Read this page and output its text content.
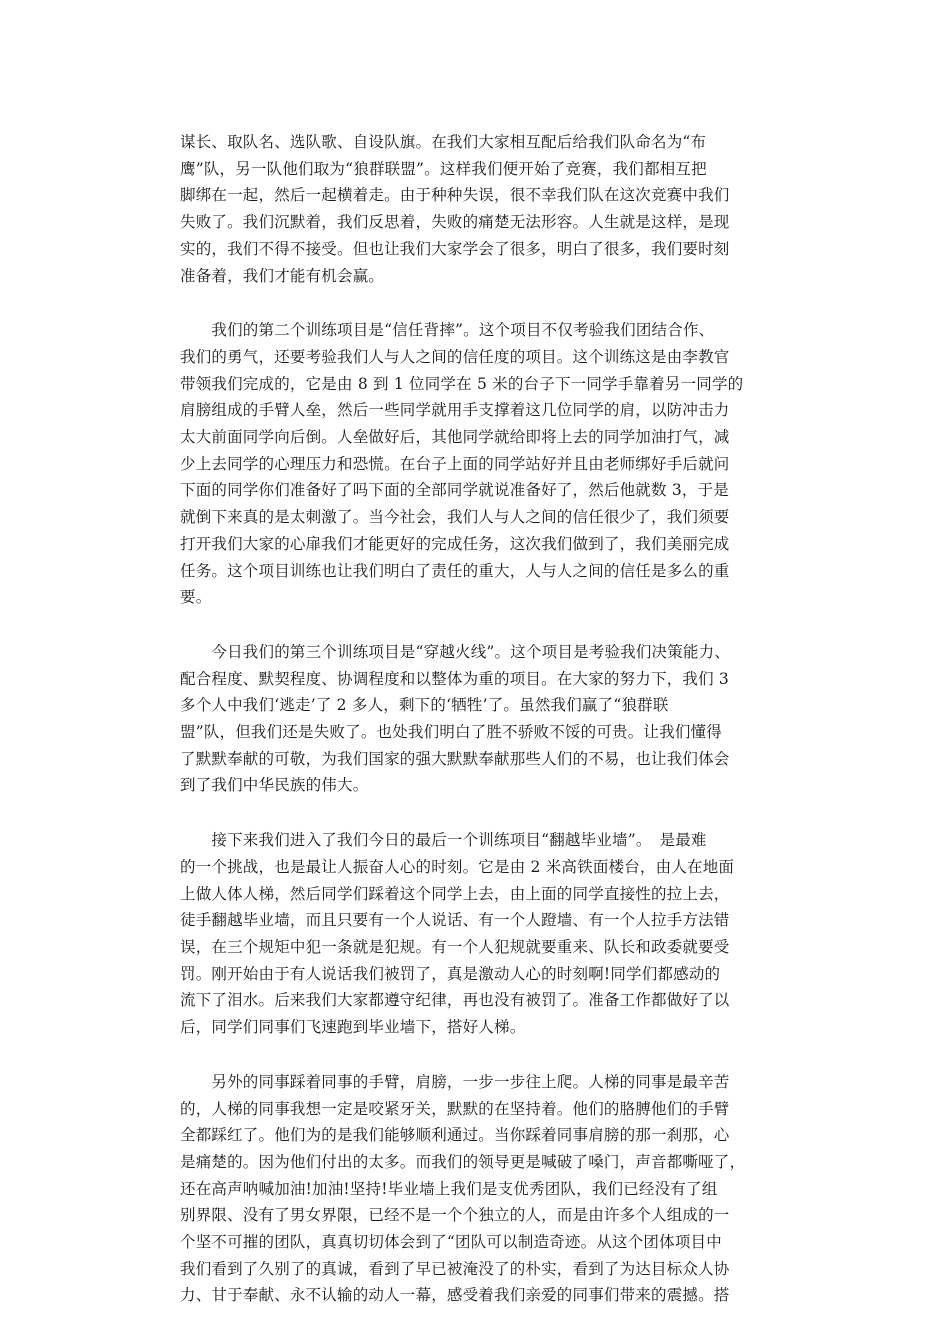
谋长、取队名、选队歌、自设队旗。在我们大家相互配后给我们队命名为“布
鹰”队，另一队他们取为“狼群联盟”。这样我们便开始了竞赛，我们都相互把
脚绑在一起，然后一起横着走。由于种种失误，很不幸我们队在这次竞赛中我们
失败了。我们沉默着，我们反思着，失败的痛楚无法形容。人生就是这样，是现
实的，我们不得不接受。但也让我们大家学会了很多，明白了很多，我们要时刻
准备着，我们才能有机会赢。

　　我们的第二个训练项目是“信任背摔”。这个项目不仅考验我们团结合作、
我们的勇气，还要考验我们人与人之间的信任度的项目。这个训练这是由李教官
带领我们完成的，它是由 8 到 1 位同学在 5 米的台子下一同学手靠着另一同学的
肩膀组成的手臂人垒，然后一些同学就用手支撑着这几位同学的肩，以防冲击力
太大前面同学向后倒。人垒做好后，其他同学就给即将上去的同学加油打气，减
少上去同学的心理压力和恐慌。在台子上面的同学站好并且由老师绑好手后就问
下面的同学你们准备好了吗下面的全部同学就说准备好了，然后他就数 3，于是
就倒下来真的是太刺激了。当今社会，我们人与人之间的信任很少了，我们须要
打开我们大家的心扉我们才能更好的完成任务，这次我们做到了，我们美丽完成
任务。这个项目训练也让我们明白了责任的重大，人与人之间的信任是多么的重
要。

　　今日我们的第三个训练项目是“穿越火线”。这个项目是考验我们决策能力、
配合程度、默契程度、协调程度和以整体为重的项目。在大家的努力下，我们 3
多个人中我们‘逃走’了 2 多人，剩下的‘牺牲’了。虽然我们赢了“狼群联
盟”队，但我们还是失败了。也处我们明白了胜不骄败不馁的可贵。让我们懂得
了默默奉献的可敬，为我们国家的强大默默奉献那些人们的不易，也让我们体会
到了我们中华民族的伟大。

　　接下来我们进入了我们今日的最后一个训练项目“翻越毕业墙”。　是最难
的一个挑战，也是最让人振奋人心的时刻。它是由 2 米高铁面楼台，由人在地面
上做人体人梯，然后同学们踩着这个同学上去，由上面的同学直接性的拉上去，
徒手翻越毕业墙，而且只要有一个人说话、有一个人蹬墙、有一个人拉手方法错
误，在三个规矩中犯一条就是犯规。有一个人犯规就要重来、队长和政委就要受
罚。刚开始由于有人说话我们被罚了，真是激动人心的时刻啊!同学们都感动的
流下了泪水。后来我们大家都遵守纪律，再也没有被罚了。准备工作都做好了以
后，同学们同事们飞速跑到毕业墙下，搭好人梯。

　　另外的同事踩着同事的手臂，肩膀，一步一步往上爬。人梯的同事是最辛苦
的，人梯的同事我想一定是咬紧牙关，默默的在坚持着。他们的胳膊他们的手臂
全都踩红了。他们为的是我们能够顺利通过。当你踩着同事肩膀的那一刹那，心
是痛楚的。因为他们付出的太多。而我们的领导更是喊破了嗓门，声音都嘶哑了，
还在高声呐喊加油!加油!坚持!毕业墙上我们是支优秀团队，我们已经没有了组
别界限、没有了男女界限，已经不是一个个独立的人，而是由许多个人组成的一
个坚不可摧的团队，真真切切体会到了“团队可以制造奇迹。从这个团体项目中
我们看到了久别了的真诚，看到了早已被淹没了的朴实，看到了为达目标众人协
力、甘于奉献、永不认输的动人一幕，感受着我们亲爱的同事们带来的震撼。搭
